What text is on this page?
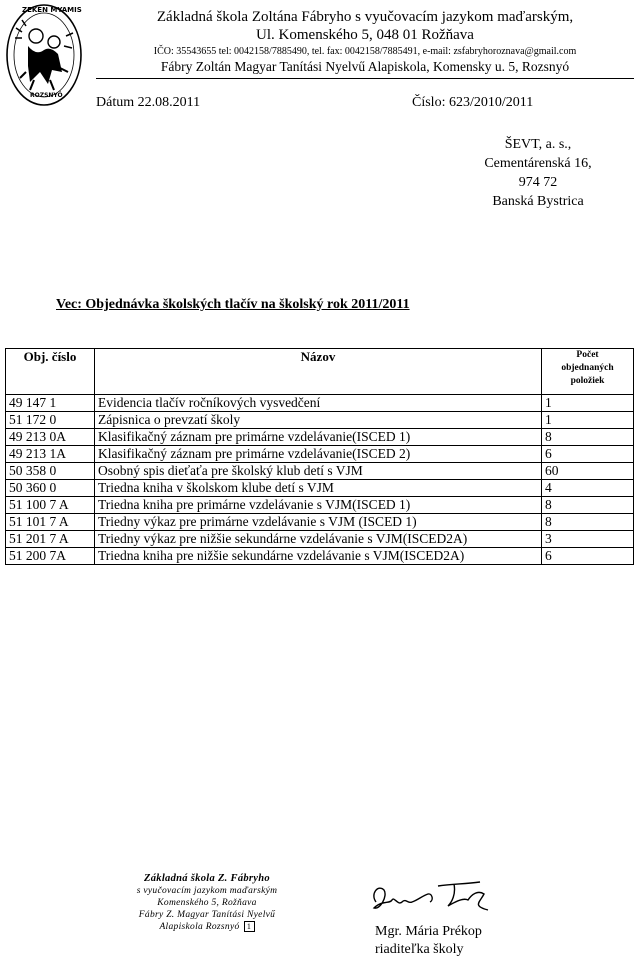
ZEKEN MYAMIS
ROZSNYÓ
Základná škola Zoltána Fábryho s vyučovacím jazykom maďarským,
Ul. Komenského 5, 048 01 Rožňava
IČO: 35543655 tel: 0042158/7885490, tel. fax: 0042158/7885491, e-mail: zsfabryhoroznava@gmail.com
Fábry Zoltán Magyar Tanítási Nyelvű Alapiskola, Komensky u. 5, Rozsnyó
Dátum 22.08.2011	Číslo: 623/2010/2011
ŠEVT, a. s.,
Cementárenská 16,
974 72
Banská Bystrica
Vec: Objednávka školských tlačív na školský rok 2011/2011
Obj. číslo	Názov	Počet
objednaných
položiek

49 147 1	Evidencia tlačív ročníkových vysvedčení	1
51 172 0	Zápisnica o prevzatí školy	1
49 213 0A	Klasifikačný záznam pre primárne vzdelávanie(ISCED 1)	8
49 213 1A	Klasifikačný záznam pre primárne vzdelávanie(ISCED 2)	6
50 358 0	Osobný spis dieťaťa pre školský klub detí s VJM	60
50 360 0	Triedna kniha v školskom klube detí s VJM	4
51 100 7 A	Triedna kniha pre primárne vzdelávanie s VJM(ISCED 1)	8
51 101 7 A	Triedny výkaz pre primárne vzdelávanie s VJM (ISCED 1)	8
51 201 7 A	Triedny výkaz pre nižšie sekundárne vzdelávanie s VJM(ISCED2A)	3
51 200 7A	Triedna kniha pre nižšie sekundárne vzdelávanie s VJM(ISCED2A)	6
Základná škola Z. Fábryho
s vyučovacím jazykom maďarským
Komenského 5, Rožňava
Fábry Z. Magyar Tanítási Nyelvű
Alapiskola Rozsnyó 1	Mgr. Mária Prékop
riaditeľka školy
